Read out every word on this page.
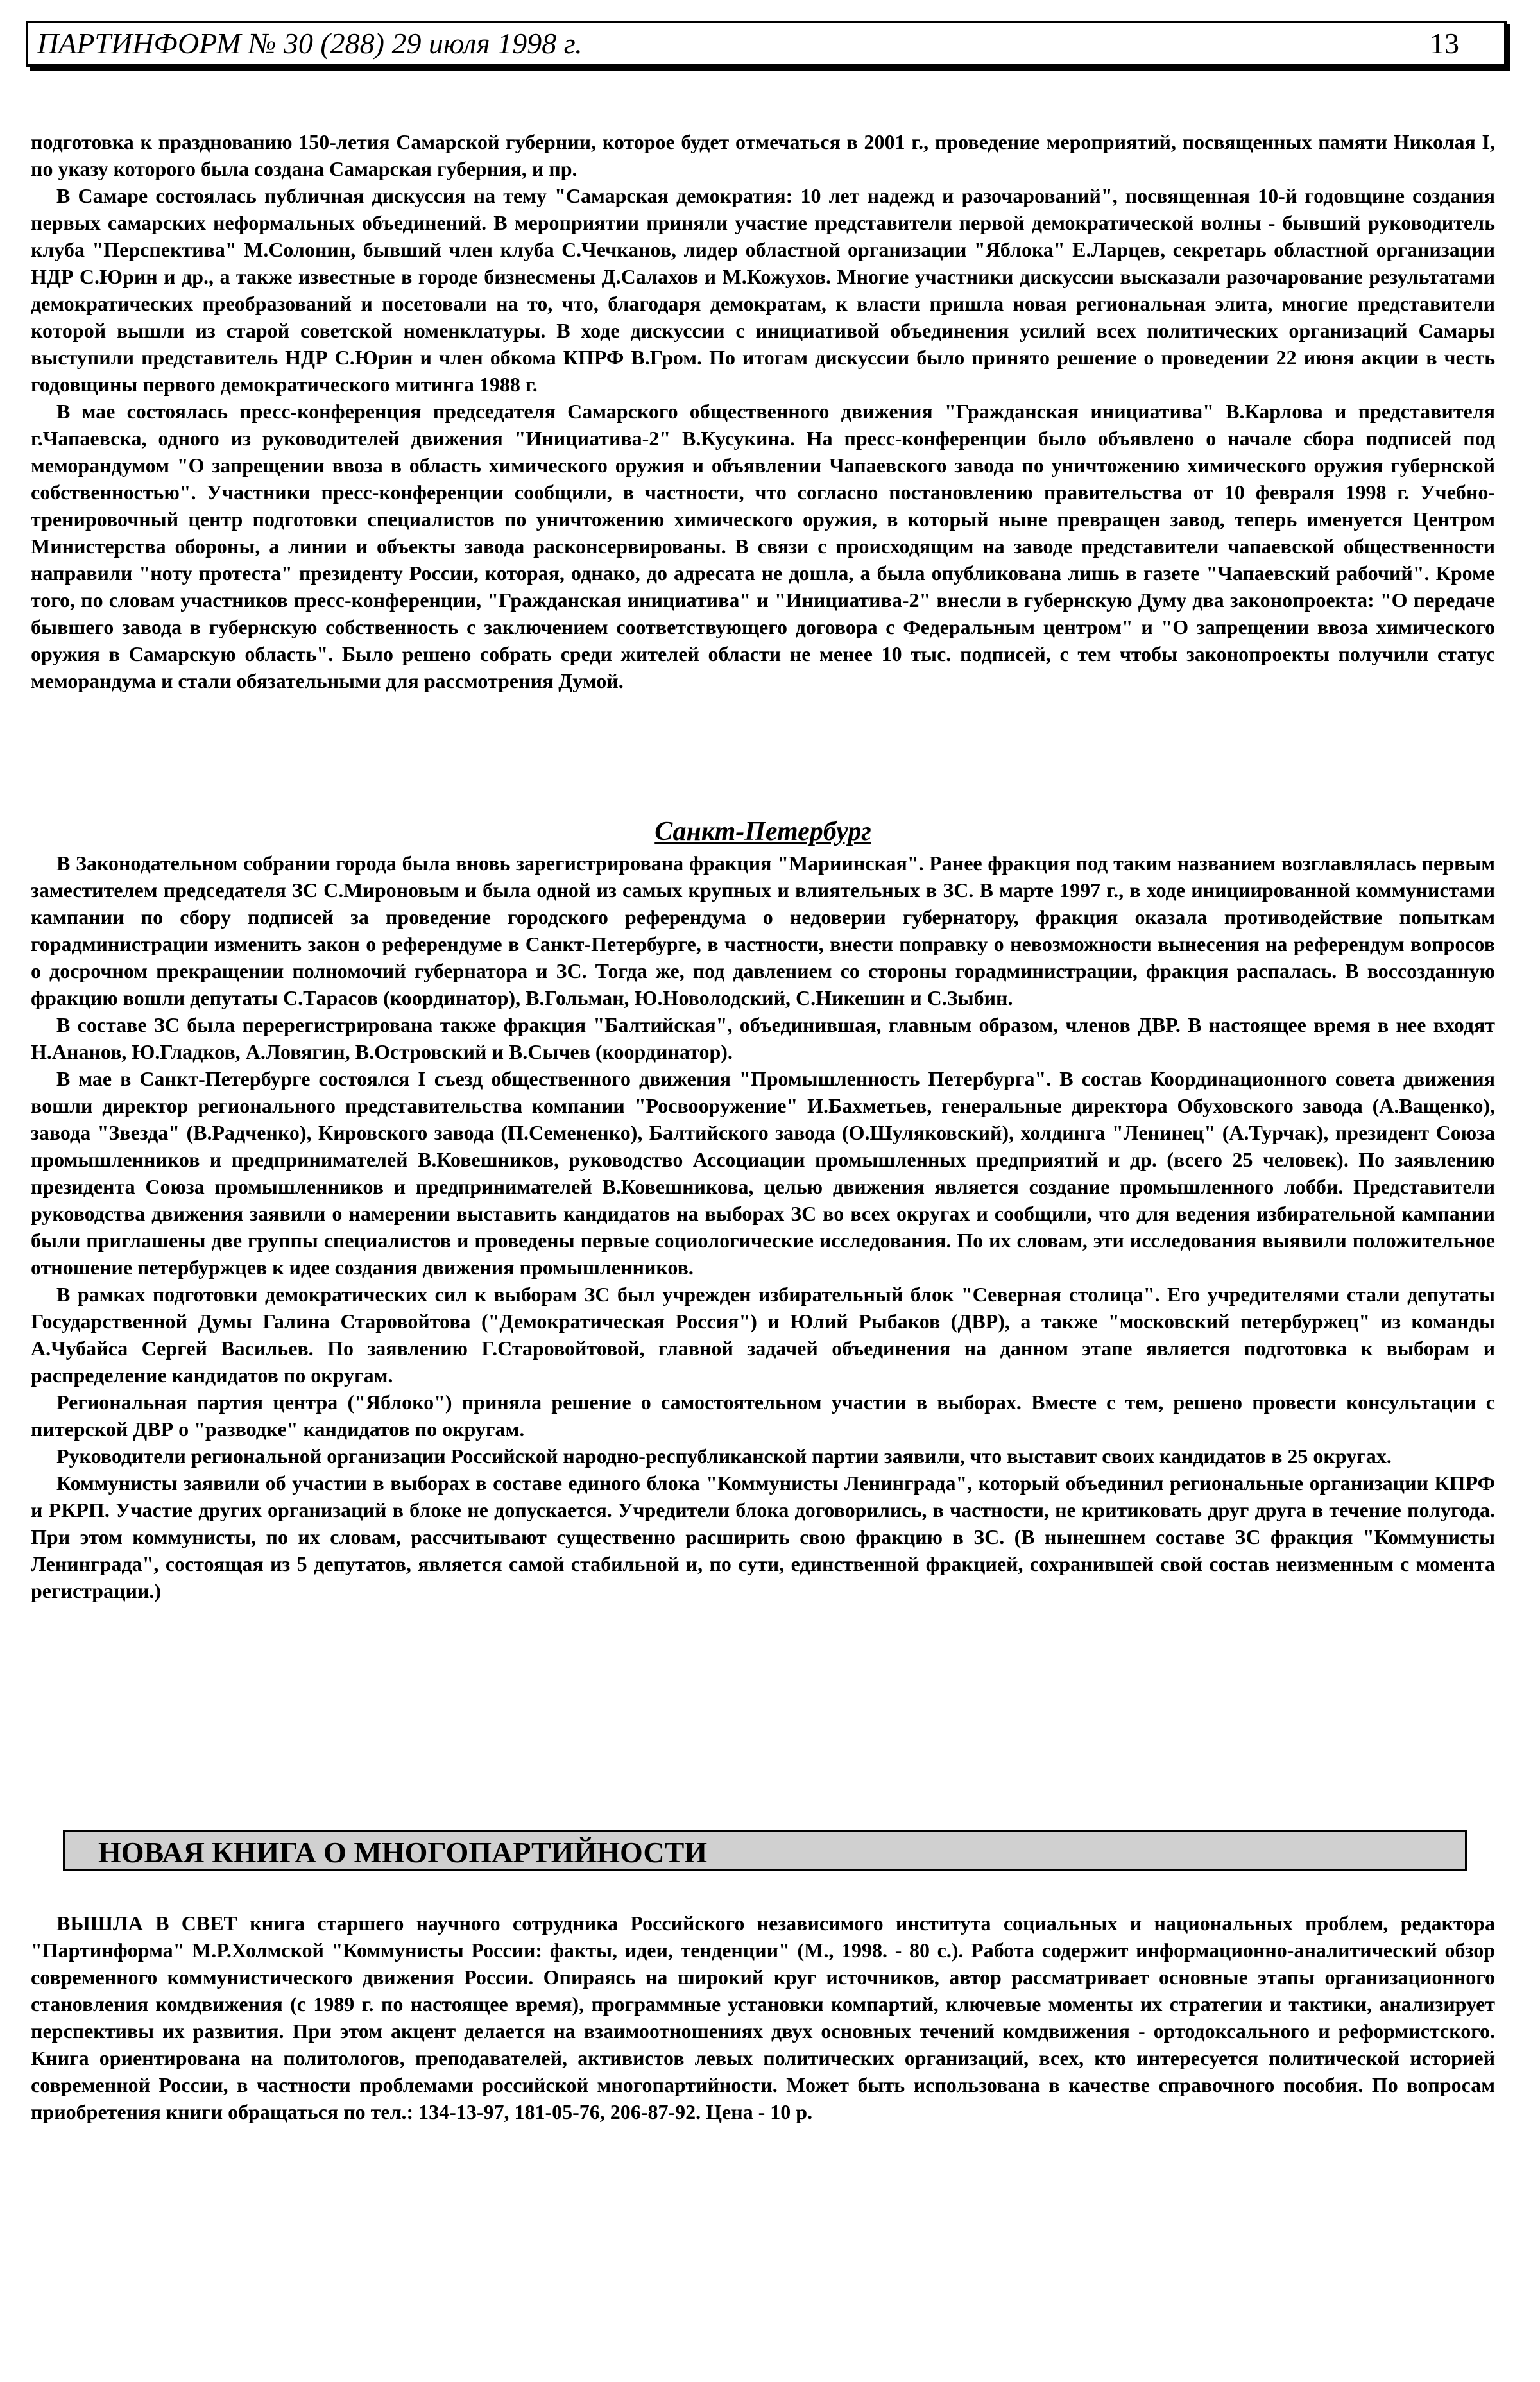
ПАРТИНФОРМ № 30 (288) 29 июля 1998 г.	13

подготовка к празднованию 150-летия Самарской губернии, которое будет отмечаться в 2001 г., проведение мероприятий, посвященных памяти Николая I, по указу которого была создана Самарская губерния, и пр.

В Самаре состоялась публичная дискуссия на тему "Самарская демократия: 10 лет надежд и разочарований", посвященная 10-й годовщине создания первых самарских неформальных объединений. В мероприятии приняли участие представители первой демократической волны - бывший руководитель клуба "Перспектива" М.Солонин, бывший член клуба С.Чечканов, лидер областной организации "Яблока" Е.Ларцев, секретарь областной организации НДР С.Юрин и др., а также известные в городе бизнесмены Д.Салахов и М.Кожухов. Многие участники дискуссии высказали разочарование результатами демократических преобразований и посетовали на то, что, благодаря демократам, к власти пришла новая региональная элита, многие представители которой вышли из старой советской номенклатуры. В ходе дискуссии с инициативой объединения усилий всех политических организаций Самары выступили представитель НДР С.Юрин и член обкома КПРФ В.Гром. По итогам дискуссии было принято решение о проведении 22 июня акции в честь годовщины первого демократического митинга 1988 г.

В мае состоялась пресс-конференция председателя Самарского общественного движения "Гражданская инициатива" В.Карлова и представителя г.Чапаевска, одного из руководителей движения "Инициатива-2" В.Кусукина. На пресс-конференции было объявлено о начале сбора подписей под меморандумом "О запрещении ввоза в область химического оружия и объявлении Чапаевского завода по уничтожению химического оружия губернской собственностью". Участники пресс-конференции сообщили, в частности, что согласно постановлению правительства от 10 февраля 1998 г. Учебно-тренировочный центр подготовки специалистов по уничтожению химического оружия, в который ныне превращен завод, теперь именуется Центром Министерства обороны, а линии и объекты завода расконсервированы. В связи с происходящим на заводе представители чапаевской общественности направили "ноту протеста" президенту России, которая, однако, до адресата не дошла, а была опубликована лишь в газете "Чапаевский рабочий". Кроме того, по словам участников пресс-конференции, "Гражданская инициатива" и "Инициатива-2" внесли в губернскую Думу два законопроекта: "О передаче бывшего завода в губернскую собственность с заключением соответствующего договора с Федеральным центром" и "О запрещении ввоза химического оружия в Самарскую область". Было решено собрать среди жителей области не менее 10 тыс. подписей, с тем чтобы законопроекты получили статус меморандума и стали обязательными для рассмотрения Думой.

Санкт-Петербург

В Законодательном собрании города была вновь зарегистрирована фракция "Мариинская". Ранее фракция под таким названием возглавлялась первым заместителем председателя ЗС С.Мироновым и была одной из самых крупных и влиятельных в ЗС. В марте 1997 г., в ходе инициированной коммунистами кампании по сбору подписей за проведение городского референдума о недоверии губернатору, фракция оказала противодействие попыткам горадминистрации изменить закон о референдуме в Санкт-Петербурге, в частности, внести поправку о невозможности вынесения на референдум вопросов о досрочном прекращении полномочий губернатора и ЗС. Тогда же, под давлением со стороны горадминистрации, фракция распалась. В воссозданную фракцию вошли депутаты С.Тарасов (координатор), В.Гольман, Ю.Новолодский, С.Никешин и С.Зыбин.

В составе ЗС была перерегистрирована также фракция "Балтийская", объединившая, главным образом, членов ДВР. В настоящее время в нее входят Н.Ананов, Ю.Гладков, А.Ловягин, В.Островский и В.Сычев (координатор).

В мае в Санкт-Петербурге состоялся I съезд общественного движения "Промышленность Петербурга". В состав Координационного совета движения вошли директор регионального представительства компании "Росвооружение" И.Бахметьев, генеральные директора Обуховского завода (А.Ващенко), завода "Звезда" (В.Радченко), Кировского завода (П.Семененко), Балтийского завода (О.Шуляковский), холдинга "Ленинец" (А.Турчак), президент Союза промышленников и предпринимателей В.Ковешников, руководство Ассоциации промышленных предприятий и др. (всего 25 человек). По заявлению президента Союза промышленников и предпринимателей В.Ковешникова, целью движения является создание промышленного лобби. Представители руководства движения заявили о намерении выставить кандидатов на выборах ЗС во всех округах и сообщили, что для ведения избирательной кампании были приглашены две группы специалистов и проведены первые социологические исследования. По их словам, эти исследования выявили положительное отношение петербуржцев к идее создания движения промышленников.

В рамках подготовки демократических сил к выборам ЗС был учрежден избирательный блок "Северная столица". Его учредителями стали депутаты Государственной Думы Галина Старовойтова ("Демократическая Россия") и Юлий Рыбаков (ДВР), а также "московский петербуржец" из команды А.Чубайса Сергей Васильев. По заявлению Г.Старовойтовой, главной задачей объединения на данном этапе является подготовка к выборам и распределение кандидатов по округам.

Региональная партия центра ("Яблоко") приняла решение о самостоятельном участии в выборах. Вместе с тем, решено провести консультации с питерской ДВР о "разводке" кандидатов по округам.

Руководители региональной организации Российской народно-республиканской партии заявили, что выставит своих кандидатов в 25 округах.

Коммунисты заявили об участии в выборах в составе единого блока "Коммунисты Ленинграда", который объединил региональные организации КПРФ и РКРП. Участие других организаций в блоке не допускается. Учредители блока договорились, в частности, не критиковать друг друга в течение полугода. При этом коммунисты, по их словам, рассчитывают существенно расширить свою фракцию в ЗС. (В нынешнем составе ЗС фракция "Коммунисты Ленинграда", состоящая из 5 депутатов, является самой стабильной и, по сути, единственной фракцией, сохранившей свой состав неизменным с момента регистрации.)

НОВАЯ КНИГА О МНОГОПАРТИЙНОСТИ

ВЫШЛА В СВЕТ книга старшего научного сотрудника Российского независимого института социальных и национальных проблем, редактора "Партинформа" М.Р.Холмской "Коммунисты России: факты, идеи, тенденции" (М., 1998. - 80 с.). Работа содержит информационно-аналитический обзор современного коммунистического движения России. Опираясь на широкий круг источников, автор рассматривает основные этапы организационного становления комдвижения (с 1989 г. по настоящее время), программные установки компартий, ключевые моменты их стратегии и тактики, анализирует перспективы их развития. При этом акцент делается на взаимоотношениях двух основных течений комдвижения - ортодоксального и реформистского. Книга ориентирована на политологов, преподавателей, активистов левых политических организаций, всех, кто интересуется политической историей современной России, в частности проблемами российской многопартийности. Может быть использована в качестве справочного пособия. По вопросам приобретения книги обращаться по тел.: 134-13-97, 181-05-76, 206-87-92. Цена - 10 р.
